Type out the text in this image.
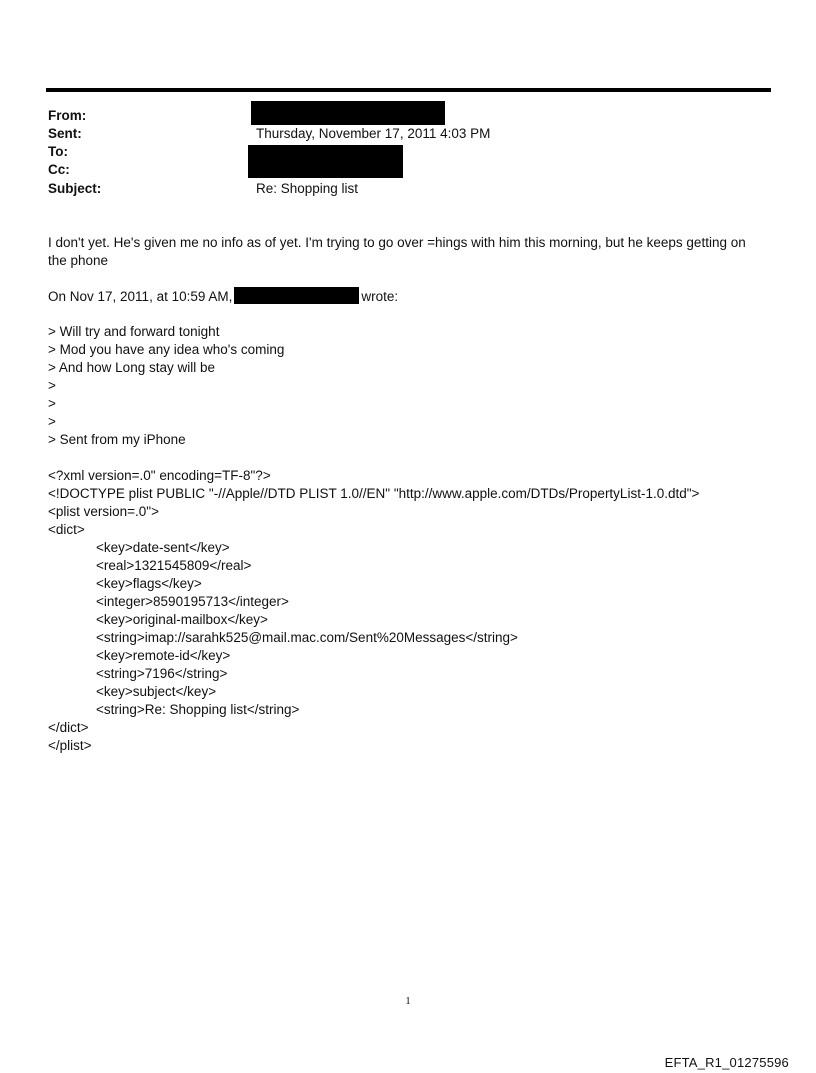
From:
Sent:	Thursday, November 17, 2011 4:03 PM
To:
Cc:
Subject:	Re: Shopping list
I don't yet. He's given me no info as of yet. I'm trying to go over =hings with him this morning, but he keeps getting on the phone
On Nov 17, 2011, at 10:59 AM,	wrote:
> Will try and forward tonight
> Mod you have any idea who's coming
> And how Long stay will be
>
>
>
> Sent from my iPhone
<?xml version=.0" encoding=TF-8"?>
<!DOCTYPE plist PUBLIC "-//Apple//DTD PLIST 1.0//EN" "http://www.apple.com/DTDs/PropertyList-1.0.dtd">
<plist version=.0">
<dict>
<key>date-sent</key>
<real>1321545809</real>
<key>flags</key>
<integer>8590195713</integer>
<key>original-mailbox</key>
<string>imap://sarahk525@mail.mac.com/Sent%20Messages</string>
<key>remote-id</key>
<string>7196</string>
<key>subject</key>
<string>Re: Shopping list</string>
</dict>
</plist>
1
EFTA_R1_01275596
